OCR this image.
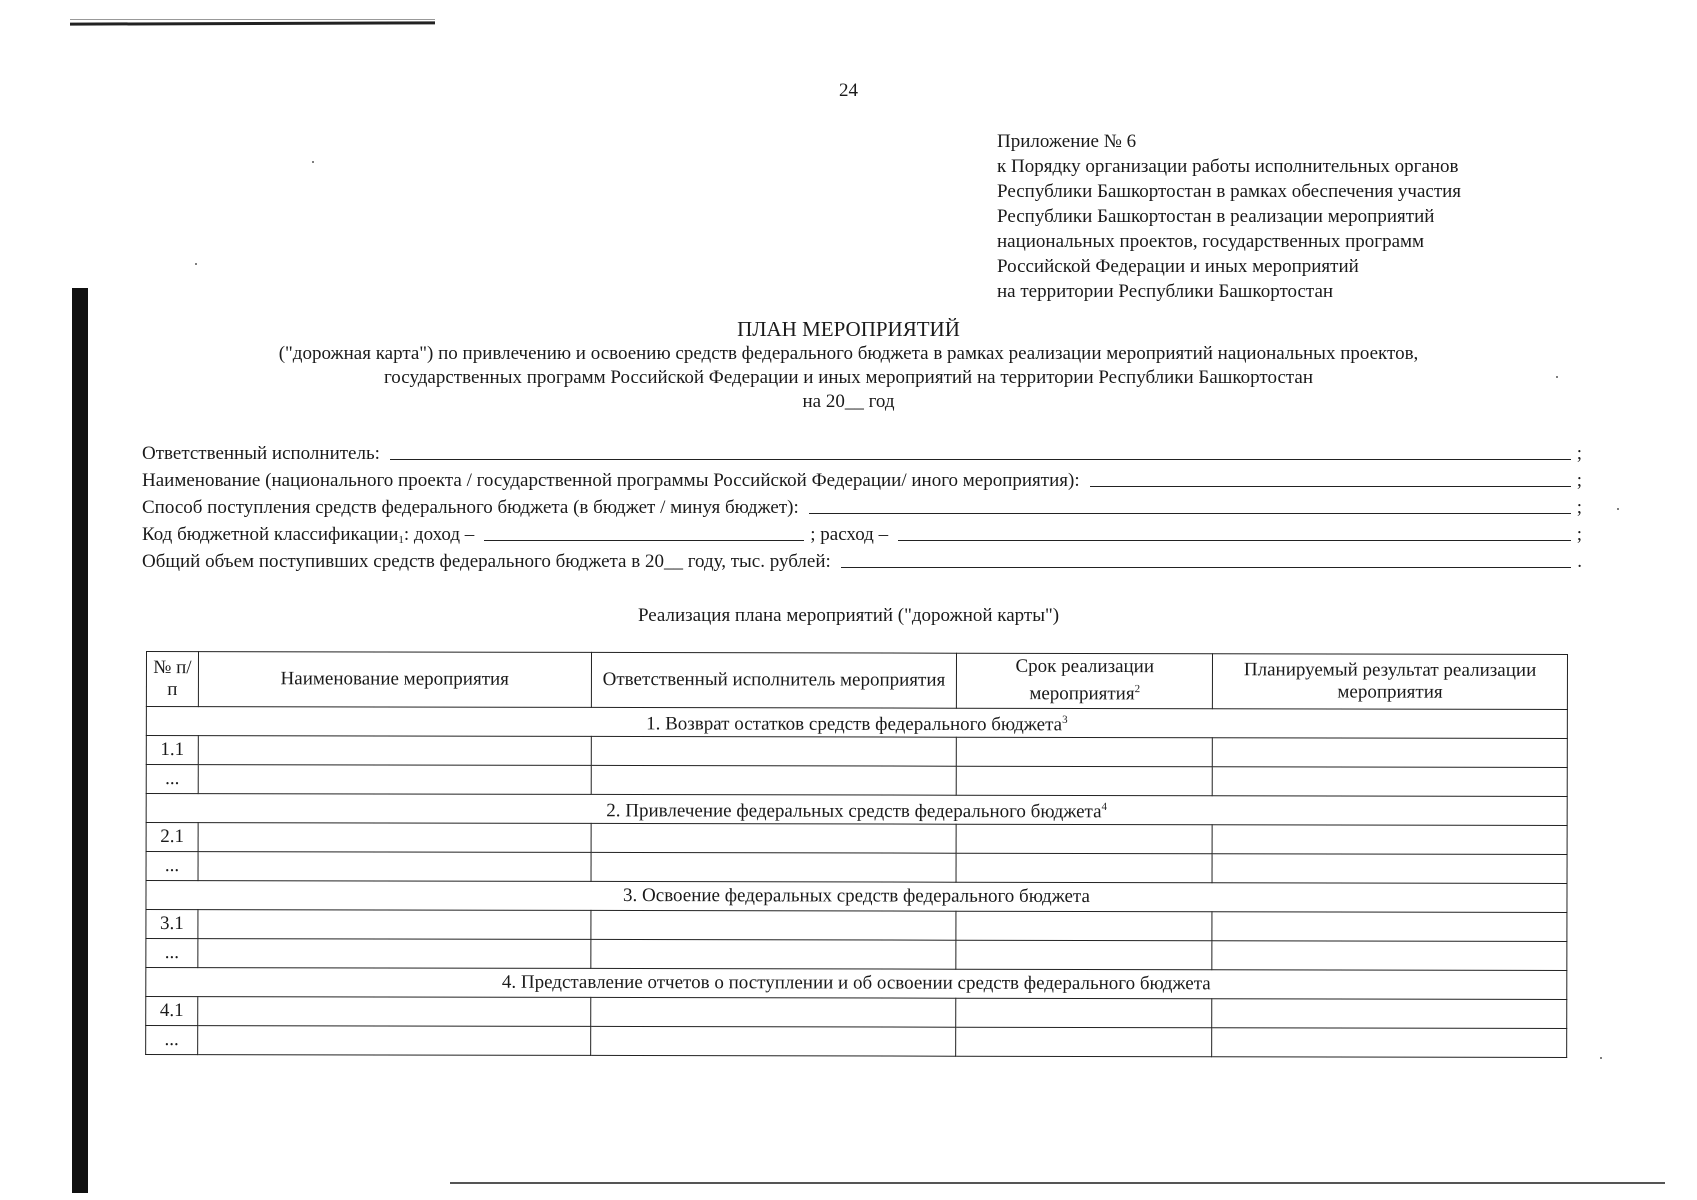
24
Приложение № 6
к Порядку организации работы исполнительных органов
Республики Башкортостан в рамках обеспечения участия
Республики Башкортостан в реализации мероприятий
национальных проектов, государственных программ
Российской Федерации и иных мероприятий
на территории Республики Башкортостан
ПЛАН МЕРОПРИЯТИЙ
("дорожная карта") по привлечению и освоению средств федерального бюджета в рамках реализации мероприятий национальных проектов,
государственных программ Российской Федерации и иных мероприятий на территории Республики Башкортостан
на 20__ год
Ответственный исполнитель:	;
Наименование (национального проекта / государственной программы Российской Федерации/ иного мероприятия):	;
Способ поступления средств федерального бюджета (в бюджет / минуя бюджет):	;
Код бюджетной классификации$_1$ : доход –	; расход –	;
Общий объем поступивших средств федерального бюджета в 20__ году, тыс. рублей:	.
Реализация плана мероприятий ("дорожной карты")
№ п/п	Наименование мероприятия	Ответственный исполнитель мероприятия	Срок реализации мероприятия$^2$	Планируемый результат реализации мероприятия
1. Возврат остатков средств федерального бюджета$^3$
1.1				
...				
2. Привлечение федеральных средств федерального бюджета$^4$
2.1				
...				
3. Освоение федеральных средств федерального бюджета				
3.1				
...				
4. Представление отчетов о поступлении и об освоении средств федерального бюджета				
4.1				
...				
